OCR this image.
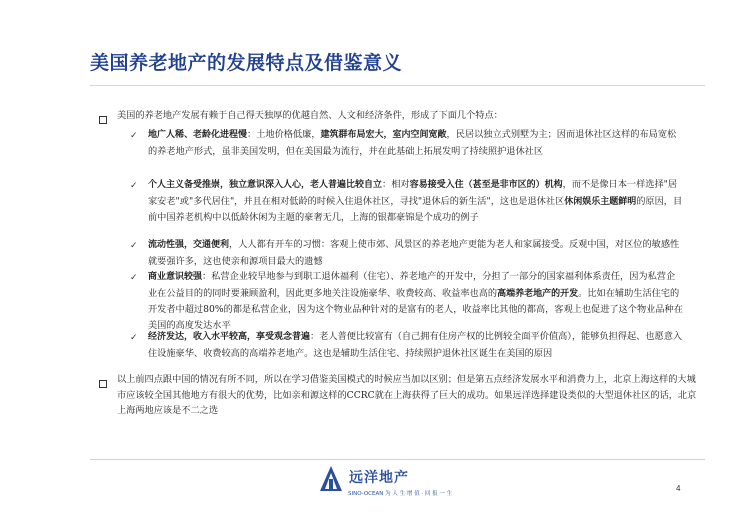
美国养老地产的发展特点及借鉴意义

美国的养老地产发展有赖于自己得天独厚的优越自然、人文和经济条件，形成了下面几个特点：

✓ 地广人稀、老龄化进程慢：土地价格低廉，建筑群布局宏大，室内空间宽敞，民居以独立式别墅为主；因而退休社区这样的布局宽松的养老地产形式，虽非美国发明，但在美国最为流行，并在此基础上拓展发明了持续照护退休社区

✓ 个人主义备受推崇，独立意识深入人心，老人普遍比较自立：相对容易接受入住（甚至是非市区的）机构，而不是像日本一样选择"居家安老"或"多代居住"，并且在相对低龄的时候入住退休社区，寻找"退休后的新生活"，这也是退休社区休闲娱乐主题鲜明的原因，目前中国养老机构中以低龄休闲为主题的豪奢无几，上海的银都豪锦是个成功的例子

✓ 流动性强，交通便利，人人都有开车的习惯：客观上使市郊、风景区的养老地产更能为老人和家属接受。反观中国，对区位的敏感性就要强许多，这也使亲和源项目最大的遗憾

✓ 商业意识较强：私营企业较早地参与到职工退休福利（住宅）、养老地产的开发中，分担了一部分的国家福利体系责任，因为私营企业在公益目的的同时要兼顾盈利，因此更多地关注设施豪华、收费较高、收益率也高的高端养老地产的开发。比如在辅助生活住宅的开发者中超过80%的都是私营企业，因为这个物业品种针对的是富有的老人，收益率比其他的都高，客观上也促进了这个物业品种在美国的高度发达水平

✓ 经济发达，收入水平较高，享受观念普遍：老人普便比较富有（自己拥有住房产权的比例较全面平价值高），能够负担得起、也愿意入住设施豪华、收费较高的高端养老地产。这也是辅助生活住宅、持续照护退休社区诞生在美国的原因

以上前四点跟中国的情况有所不同，所以在学习借鉴美国模式的时候应当加以区别；但是第五点经济发展水平和消费力上，北京上海这样的大城市应该较全国其他地方有很大的优势，比如亲和源这样的CCRC就在上海获得了巨大的成功。如果远洋选择建设类似的大型退休社区的话，北京上海两地应该是不二之选

远洋地产
SINO-OCEAN 为 人 生 增 值 · 回 报 一 生
4
